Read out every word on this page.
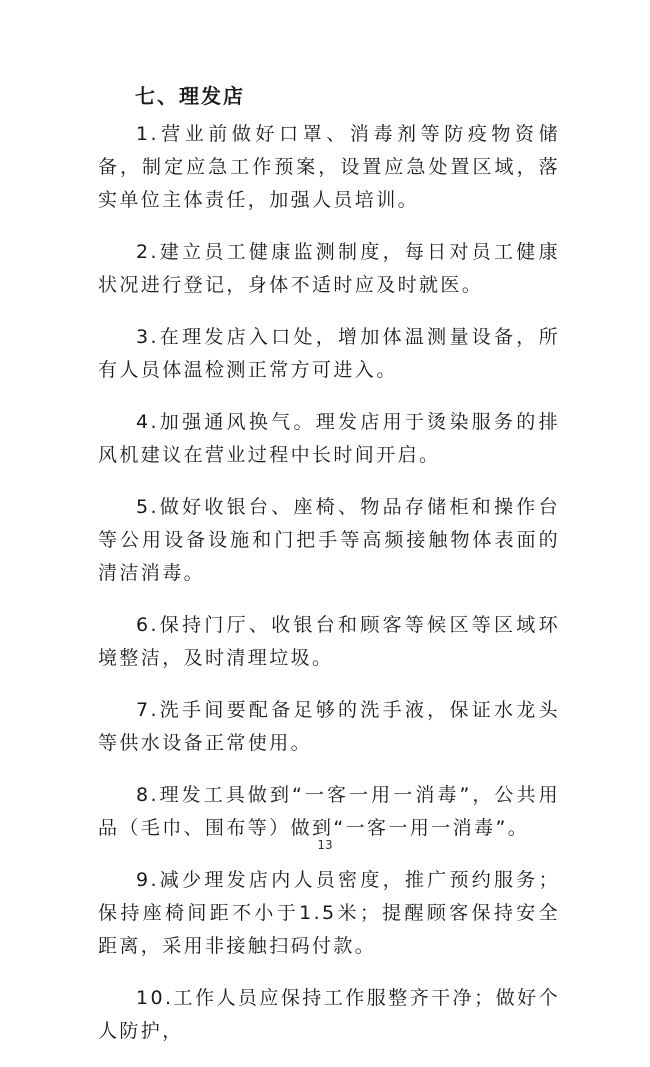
七、理发店

1.营业前做好口罩、消毒剂等防疫物资储备，制定应急工作预案，设置应急处置区域，落实单位主体责任，加强人员培训。

2.建立员工健康监测制度，每日对员工健康状况进行登记，身体不适时应及时就医。

3.在理发店入口处，增加体温测量设备，所有人员体温检测正常方可进入。

4.加强通风换气。理发店用于烫染服务的排风机建议在营业过程中长时间开启。

5.做好收银台、座椅、物品存储柜和操作台等公用设备设施和门把手等高频接触物体表面的清洁消毒。

6.保持门厅、收银台和顾客等候区等区域环境整洁，及时清理垃圾。

7.洗手间要配备足够的洗手液，保证水龙头等供水设备正常使用。

8.理发工具做到“一客一用一消毒”，公共用品（毛巾、围布等）做到“一客一用一消毒”。

9.减少理发店内人员密度，推广预约服务；保持座椅间距不小于1.5米；提醒顾客保持安全距离，采用非接触扫码付款。

10.工作人员应保持工作服整齐干净；做好个人防护，

13
